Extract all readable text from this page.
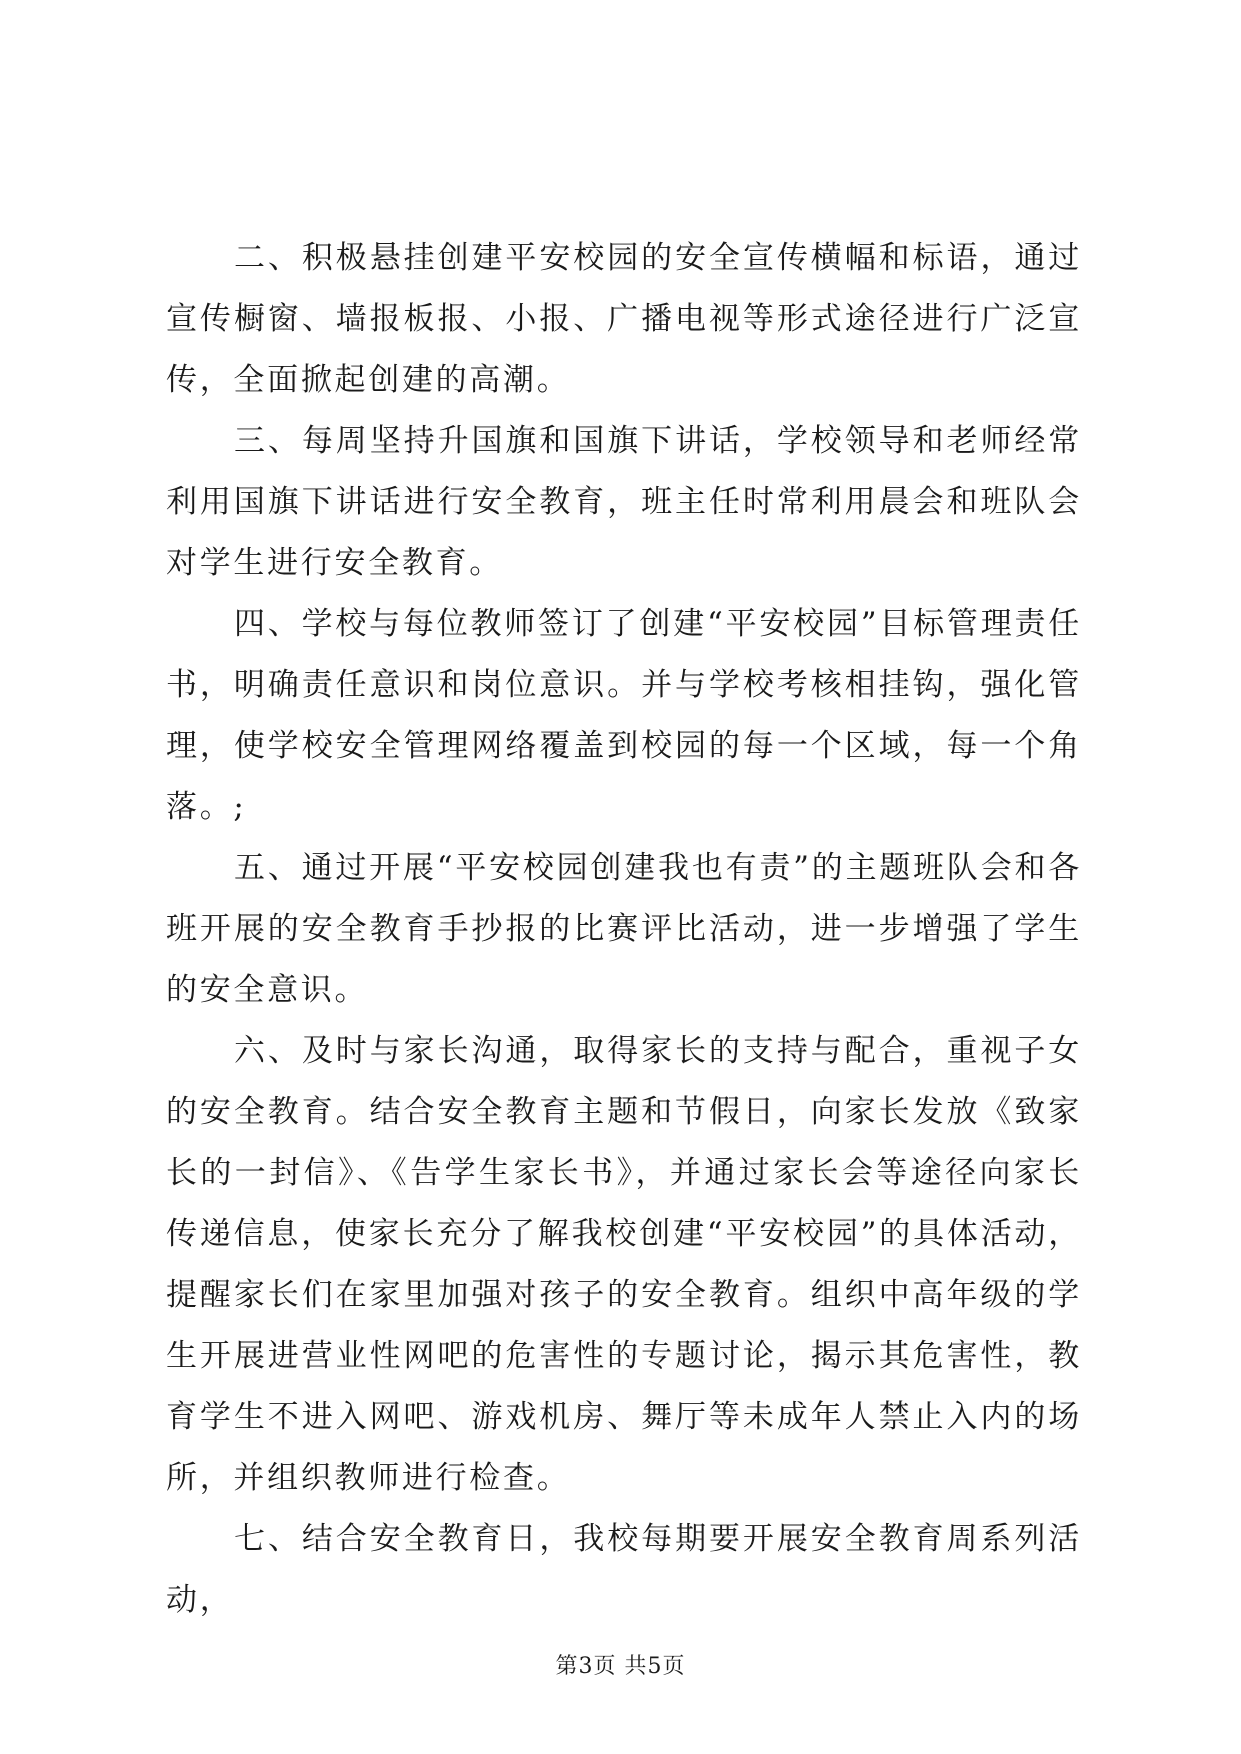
二、积极悬挂创建平安校园的安全宣传横幅和标语，通过宣传橱窗、墙报板报、小报、广播电视等形式途径进行广泛宣传，全面掀起创建的高潮。

三、每周坚持升国旗和国旗下讲话，学校领导和老师经常利用国旗下讲话进行安全教育，班主任时常利用晨会和班队会对学生进行安全教育。

四、学校与每位教师签订了创建“平安校园”目标管理责任书，明确责任意识和岗位意识。并与学校考核相挂钩，强化管理，使学校安全管理网络覆盖到校园的每一个区域，每一个角落。;

五、通过开展“平安校园创建我也有责”的主题班队会和各班开展的安全教育手抄报的比赛评比活动，进一步增强了学生的安全意识。

六、及时与家长沟通，取得家长的支持与配合，重视子女的安全教育。结合安全教育主题和节假日，向家长发放《致家长的一封信》、《告学生家长书》，并通过家长会等途径向家长传递信息，使家长充分了解我校创建“平安校园”的具体活动，提醒家长们在家里加强对孩子的安全教育。组织中高年级的学生开展进营业性网吧的危害性的专题讨论，揭示其危害性，教育学生不进入网吧、游戏机房、舞厅等未成年人禁止入内的场所，并组织教师进行检查。

七、结合安全教育日，我校每期要开展安全教育周系列活动，

第3页 共5页
